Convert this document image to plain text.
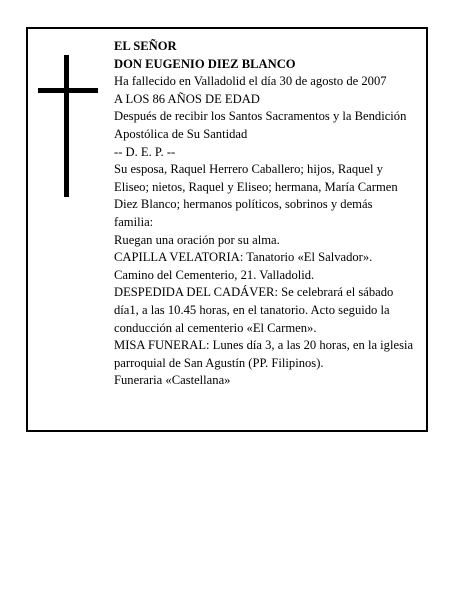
EL SEÑOR

DON EUGENIO DIEZ BLANCO

Ha fallecido en Valladolid el día 30 de agosto de 2007

A LOS 86 AÑOS DE EDAD

Después de recibir los Santos Sacramentos y la Bendición Apostólica de Su Santidad

-- D. E. P. --

Su esposa, Raquel Herrero Caballero; hijos, Raquel y Eliseo; nietos, Raquel y Eliseo; hermana, María Carmen Diez Blanco; hermanos políticos, sobrinos y demás familia:

Ruegan una oración por su alma.

CAPILLA VELATORIA: Tanatorio «El Salvador». Camino del Cementerio, 21. Valladolid.

DESPEDIDA DEL CADÁVER: Se celebrará el sábado día1, a las 10.45 horas, en el tanatorio. Acto seguido la conducción al cementerio «El Carmen».

MISA FUNERAL: Lunes día 3, a las 20 horas, en la iglesia parroquial de San Agustín (PP. Filipinos).

Funeraria «Castellana»
